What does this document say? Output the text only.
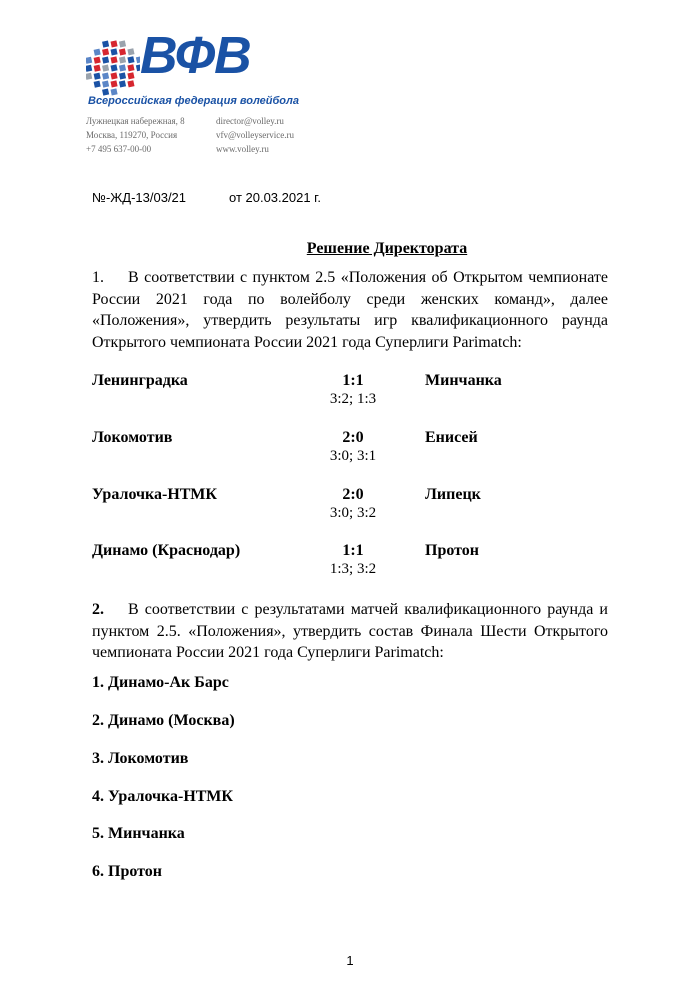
ВФВ
Всероссийская федерация волейбола
Лужнецкая набережная, 8
Москва, 119270, Россия
+7 495 637-00-00
director@volley.ru
vfv@volleyservice.ru
www.volley.ru
№-ЖД-13/03/21	от 20.03.2021 г.
Решение Директората
1. В соответствии с пунктом 2.5 «Положения об Открытом чемпионате России 2021 года по волейболу среди женских команд», далее «Положения», утвердить результаты игр квалификационного раунда Открытого чемпионата России 2021 года Суперлиги Parimatch:
Ленинградка	1:1	Минчанка
3:2; 1:3
Локомотив	2:0	Енисей
3:0; 3:1
Уралочка-НТМК	2:0	Липецк
3:0; 3:2
Динамо (Краснодар)	1:1	Протон
1:3; 3:2
2. В соответствии с результатами матчей квалификационного раунда и пунктом 2.5. «Положения», утвердить состав Финала Шести Открытого чемпионата России 2021 года Суперлиги Parimatch:
1. Динамо-Ак Барс
2. Динамо (Москва)
3. Локомотив
4. Уралочка-НТМК
5. Минчанка
6. Протон
1
